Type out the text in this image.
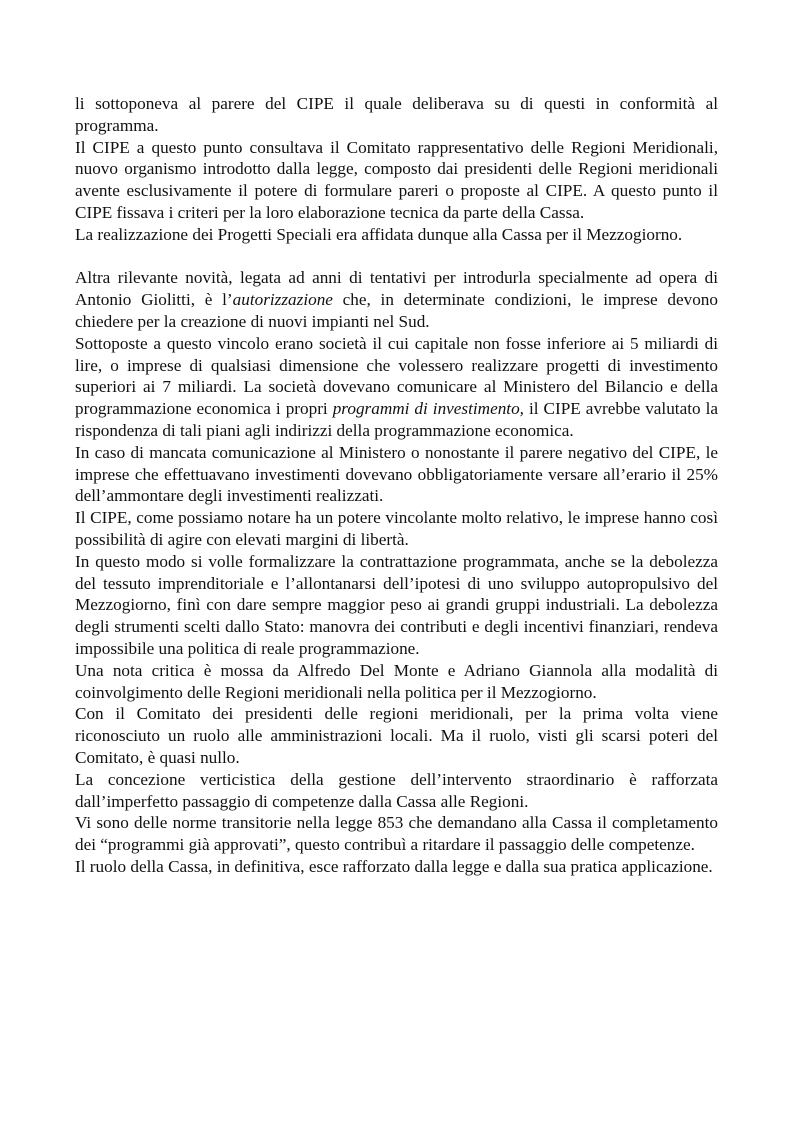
li sottoponeva al parere del CIPE il quale deliberava su di questi in conformità al programma.

Il CIPE a questo punto consultava il Comitato rappresentativo delle Regioni Meridionali, nuovo organismo introdotto dalla legge, composto dai presidenti delle Regioni meridionali avente esclusivamente il potere di formulare pareri o proposte al CIPE. A questo punto il CIPE fissava i criteri per la loro elaborazione tecnica da parte della Cassa.

La realizzazione dei Progetti Speciali era affidata dunque alla Cassa per il Mezzogiorno.

Altra rilevante novità, legata ad anni di tentativi per introdurla specialmente ad opera di Antonio Giolitti, è l’autorizzazione che, in determinate condizioni, le imprese devono chiedere per la creazione di nuovi impianti nel Sud.

Sottoposte a questo vincolo erano società il cui capitale non fosse inferiore ai 5 miliardi di lire, o imprese di qualsiasi dimensione che volessero realizzare progetti di investimento superiori ai 7 miliardi. La società dovevano comunicare al Ministero del Bilancio e della programmazione economica i propri programmi di investimento, il CIPE avrebbe valutato la rispondenza di tali piani agli indirizzi della programmazione economica.

In caso di mancata comunicazione al Ministero o nonostante il parere negativo del CIPE, le imprese che effettuavano investimenti dovevano obbligatoriamente versare all’erario il 25% dell’ammontare degli investimenti realizzati.

Il CIPE, come possiamo notare ha un potere vincolante molto relativo, le imprese hanno così possibilità di agire con elevati margini di libertà.

In questo modo si volle formalizzare la contrattazione programmata, anche se la debolezza del tessuto imprenditoriale e l’allontanarsi dell’ipotesi di uno sviluppo autopropulsivo del Mezzogiorno, finì con dare sempre maggior peso ai grandi gruppi industriali. La debolezza degli strumenti scelti dallo Stato: manovra dei contributi e degli incentivi finanziari, rendeva impossibile una politica di reale programmazione.

Una nota critica è mossa da Alfredo Del Monte e Adriano Giannola alla modalità di coinvolgimento delle Regioni meridionali nella politica per il Mezzogiorno.

Con il Comitato dei presidenti delle regioni meridionali, per la prima volta viene riconosciuto un ruolo alle amministrazioni locali. Ma il ruolo, visti gli scarsi poteri del Comitato, è quasi nullo.

La concezione verticistica della gestione dell’intervento straordinario è rafforzata dall’imperfetto passaggio di competenze dalla Cassa alle Regioni.

Vi sono delle norme transitorie nella legge 853 che demandano alla Cassa il completamento dei “programmi già approvati”, questo contribuì a ritardare il passaggio delle competenze.

Il ruolo della Cassa, in definitiva, esce rafforzato dalla legge e dalla sua pratica applicazione.
